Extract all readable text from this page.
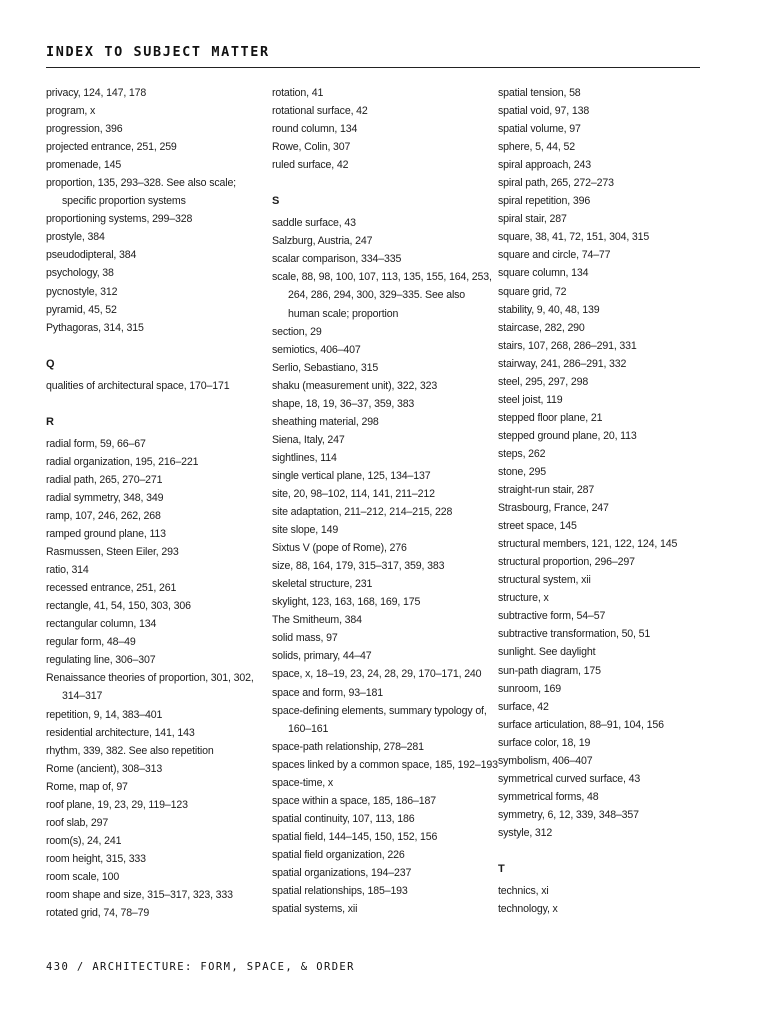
INDEX TO SUBJECT MATTER
privacy, 124, 147, 178
program, x
progression, 396
projected entrance, 251, 259
promenade, 145
proportion, 135, 293–328. See also scale;
specific proportion systems
proportioning systems, 299–328
prostyle, 384
pseudodipteral, 384
psychology, 38
pycnostyle, 312
pyramid, 45, 52
Pythagoras, 314, 315
Q
qualities of architectural space, 170–171
R
radial form, 59, 66–67
radial organization, 195, 216–221
radial path, 265, 270–271
radial symmetry, 348, 349
ramp, 107, 246, 262, 268
ramped ground plane, 113
Rasmussen, Steen Eiler, 293
ratio, 314
recessed entrance, 251, 261
rectangle, 41, 54, 150, 303, 306
rectangular column, 134
regular form, 48–49
regulating line, 306–307
Renaissance theories of proportion, 301, 302,
314–317
repetition, 9, 14, 383–401
residential architecture, 141, 143
rhythm, 339, 382. See also repetition
Rome (ancient), 308–313
Rome, map of, 97
roof plane, 19, 23, 29, 119–123
roof slab, 297
room(s), 24, 241
room height, 315, 333
room scale, 100
room shape and size, 315–317, 323, 333
rotated grid, 74, 78–79
rotation, 41
rotational surface, 42
round column, 134
Rowe, Colin, 307
ruled surface, 42
S
saddle surface, 43
Salzburg, Austria, 247
scalar comparison, 334–335
scale, 88, 98, 100, 107, 113, 135, 155, 164, 253,
264, 286, 294, 300, 329–335. See also
human scale; proportion
section, 29
semiotics, 406–407
Serlio, Sebastiano, 315
shaku (measurement unit), 322, 323
shape, 18, 19, 36–37, 359, 383
sheathing material, 298
Siena, Italy, 247
sightlines, 114
single vertical plane, 125, 134–137
site, 20, 98–102, 114, 141, 211–212
site adaptation, 211–212, 214–215, 228
site slope, 149
Sixtus V (pope of Rome), 276
size, 88, 164, 179, 315–317, 359, 383
skeletal structure, 231
skylight, 123, 163, 168, 169, 175
The Smitheum, 384
solid mass, 97
solids, primary, 44–47
space, x, 18–19, 23, 24, 28, 29, 170–171, 240
space and form, 93–181
space-defining elements, summary typology of,
160–161
space-path relationship, 278–281
spaces linked by a common space, 185, 192–193
space-time, x
space within a space, 185, 186–187
spatial continuity, 107, 113, 186
spatial field, 144–145, 150, 152, 156
spatial field organization, 226
spatial organizations, 194–237
spatial relationships, 185–193
spatial systems, xii
spatial tension, 58
spatial void, 97, 138
spatial volume, 97
sphere, 5, 44, 52
spiral approach, 243
spiral path, 265, 272–273
spiral repetition, 396
spiral stair, 287
square, 38, 41, 72, 151, 304, 315
square and circle, 74–77
square column, 134
square grid, 72
stability, 9, 40, 48, 139
staircase, 282, 290
stairs, 107, 268, 286–291, 331
stairway, 241, 286–291, 332
steel, 295, 297, 298
steel joist, 119
stepped floor plane, 21
stepped ground plane, 20, 113
steps, 262
stone, 295
straight-run stair, 287
Strasbourg, France, 247
street space, 145
structural members, 121, 122, 124, 145
structural proportion, 296–297
structural system, xii
structure, x
subtractive form, 54–57
subtractive transformation, 50, 51
sunlight. See daylight
sun-path diagram, 175
sunroom, 169
surface, 42
surface articulation, 88–91, 104, 156
surface color, 18, 19
symbolism, 406–407
symmetrical curved surface, 43
symmetrical forms, 48
symmetry, 6, 12, 339, 348–357
systyle, 312
T
technics, xi
technology, x
430 / ARCHITECTURE: FORM, SPACE, & ORDER
